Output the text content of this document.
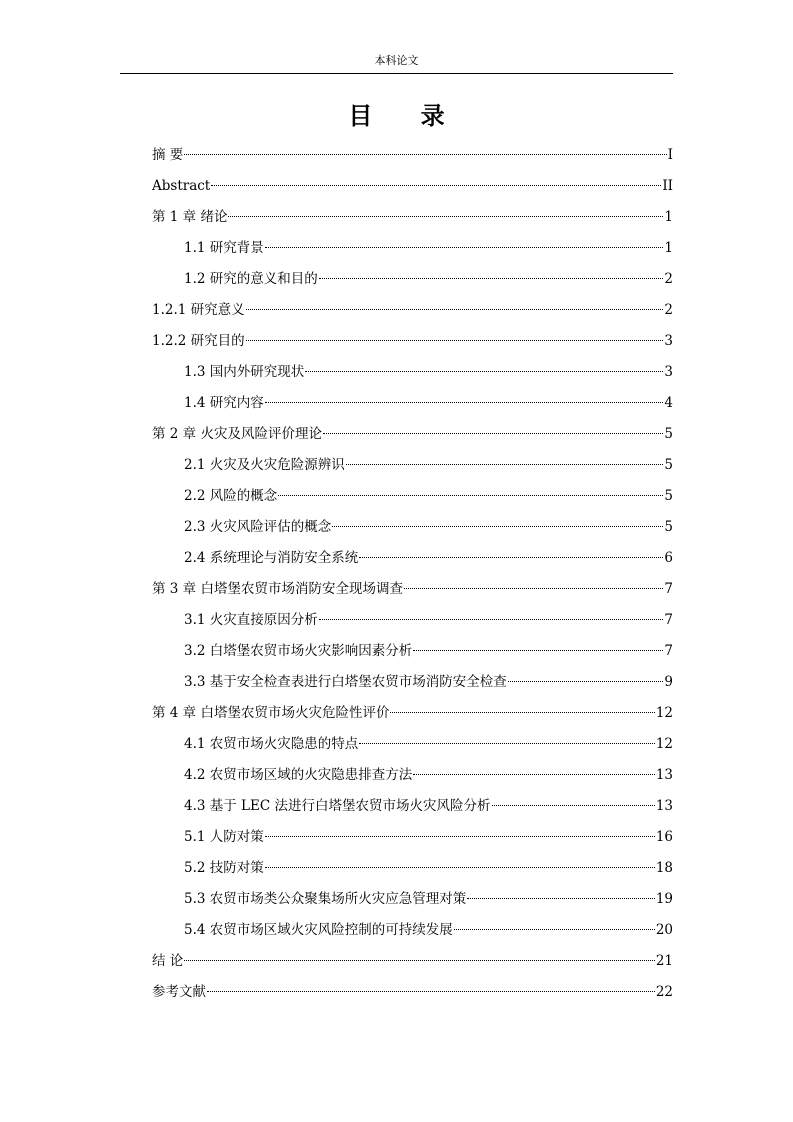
本科论文
目 录
摘 要	I
Abstract	II
第 1 章 绪论	1
1.1 研究背景	1
1.2 研究的意义和目的	2
1.2.1 研究意义	2
1.2.2 研究目的	3
1.3 国内外研究现状	3
1.4 研究内容	4
第 2 章 火灾及风险评价理论	5
2.1 火灾及火灾危险源辨识	5
2.2 风险的概念	5
2.3 火灾风险评估的概念	5
2.4 系统理论与消防安全系统	6
第 3 章 白塔堡农贸市场消防安全现场调查	7
3.1 火灾直接原因分析	7
3.2 白塔堡农贸市场火灾影响因素分析	7
3.3 基于安全检查表进行白塔堡农贸市场消防安全检查	9
第 4 章 白塔堡农贸市场火灾危险性评价	12
4.1 农贸市场火灾隐患的特点	12
4.2 农贸市场区域的火灾隐患排查方法	13
4.3 基于 LEC 法进行白塔堡农贸市场火灾风险分析	13
5.1 人防对策	16
5.2 技防对策	18
5.3 农贸市场类公众聚集场所火灾应急管理对策	19
5.4 农贸市场区域火灾风险控制的可持续发展	20
结 论	21
参考文献	22
